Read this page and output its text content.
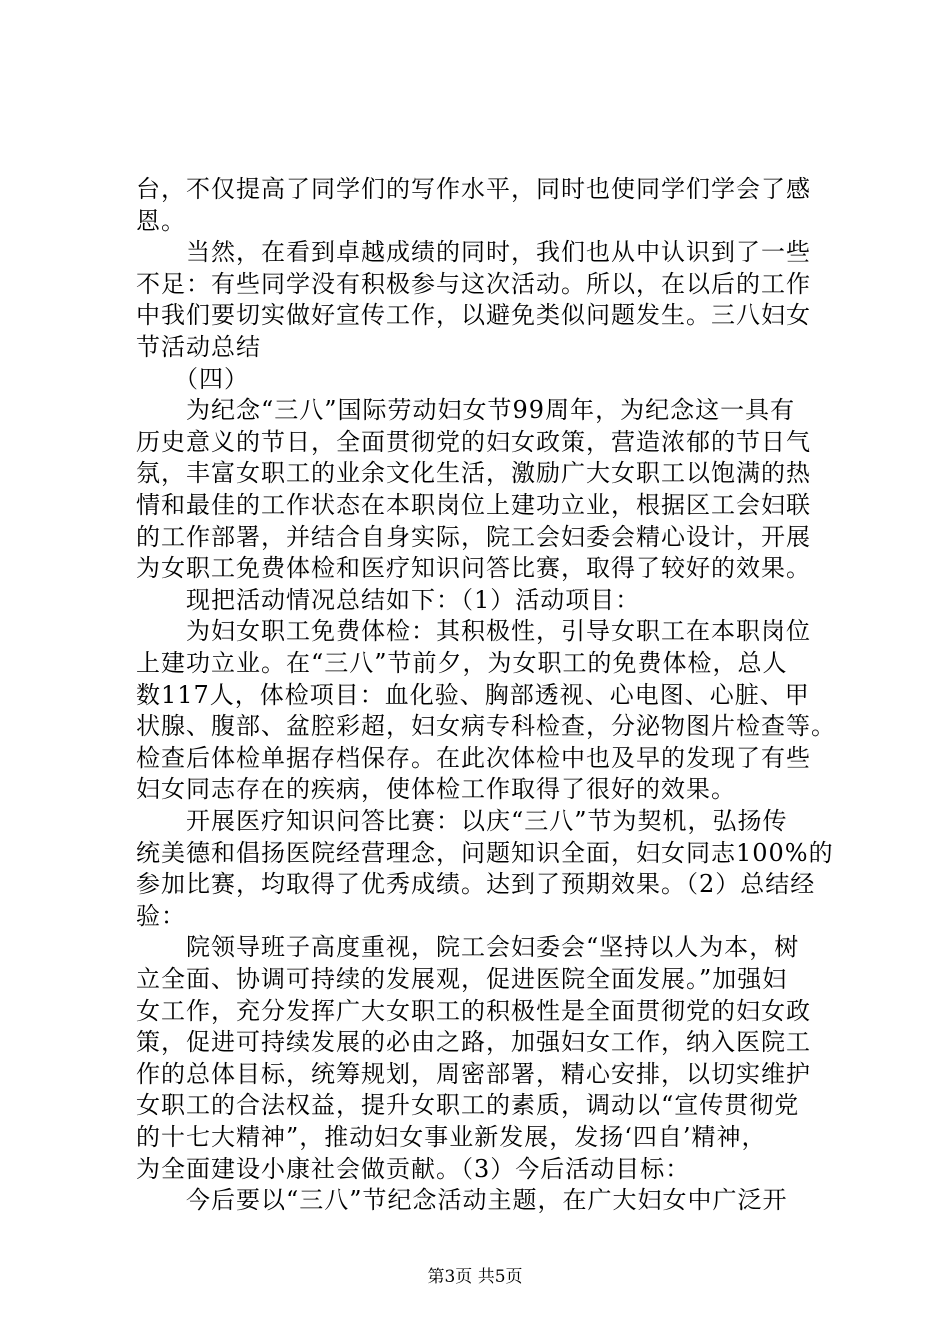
台，不仅提高了同学们的写作水平，同时也使同学们学会了感
恩。
　　当然，在看到卓越成绩的同时，我们也从中认识到了一些
不足：有些同学没有积极参与这次活动。所以，在以后的工作
中我们要切实做好宣传工作，以避免类似问题发生。三八妇女
节活动总结
　　（四）
　　为纪念“三八”国际劳动妇女节99周年，为纪念这一具有
历史意义的节日，全面贯彻党的妇女政策，营造浓郁的节日气
氛，丰富女职工的业余文化生活，激励广大女职工以饱满的热
情和最佳的工作状态在本职岗位上建功立业，根据区工会妇联
的工作部署，并结合自身实际，院工会妇委会精心设计，开展
为女职工免费体检和医疗知识问答比赛，取得了较好的效果。
　　现把活动情况总结如下：（1）活动项目：
　　为妇女职工免费体检：其积极性，引导女职工在本职岗位
上建功立业。在“三八”节前夕，为女职工的免费体检，总人
数117人，体检项目：血化验、胸部透视、心电图、心脏、甲
状腺、腹部、盆腔彩超，妇女病专科检查，分泌物图片检查等。
检查后体检单据存档保存。在此次体检中也及早的发现了有些
妇女同志存在的疾病，使体检工作取得了很好的效果。
　　开展医疗知识问答比赛：以庆“三八”节为契机，弘扬传
统美德和倡扬医院经营理念，问题知识全面，妇女同志100%的
参加比赛，均取得了优秀成绩。达到了预期效果。（2）总结经
验：
　　院领导班子高度重视，院工会妇委会“坚持以人为本，树
立全面、协调可持续的发展观，促进医院全面发展。”加强妇
女工作，充分发挥广大女职工的积极性是全面贯彻党的妇女政
策，促进可持续发展的必由之路，加强妇女工作，纳入医院工
作的总体目标，统筹规划，周密部署，精心安排，以切实维护
女职工的合法权益，提升女职工的素质，调动以“宣传贯彻党
的十七大精神”，推动妇女事业新发展，发扬‘四自’精神，
为全面建设小康社会做贡献。（3）今后活动目标：
　　今后要以“三八”节纪念活动主题，在广大妇女中广泛开
第3页 共5页
